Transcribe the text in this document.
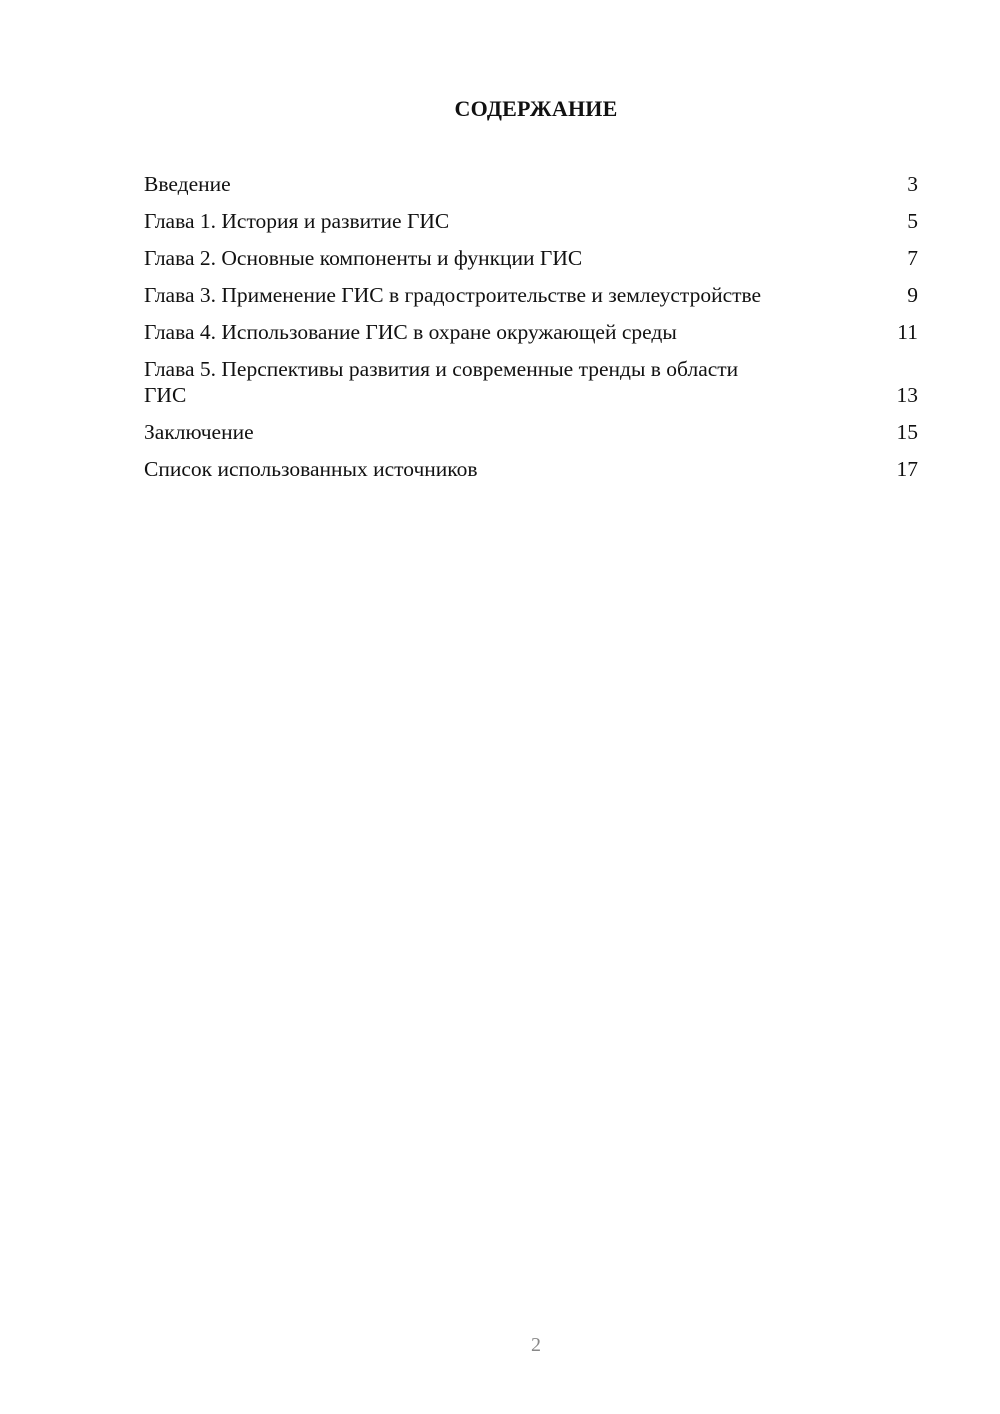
СОДЕРЖАНИЕ
Введение	3
Глава 1. История и развитие ГИС	5
Глава 2. Основные компоненты и функции ГИС	7
Глава 3. Применение ГИС в градостроительстве и землеустройстве	9
Глава 4. Использование ГИС в охране окружающей среды	11
Глава 5. Перспективы развития и современные тренды в области ГИС	13
Заключение	15
Список использованных источников	17
2
